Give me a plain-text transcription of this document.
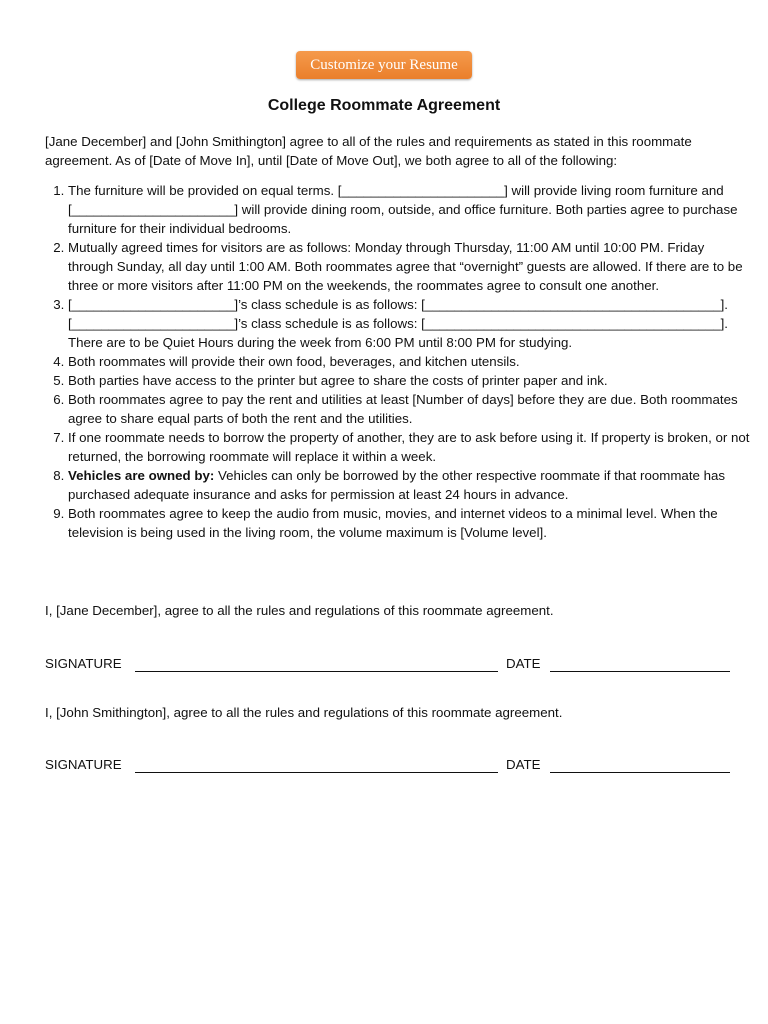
Customize your Resume
College Roommate Agreement

[Jane December] and [John Smithington] agree to all of the rules and requirements as stated in this roommate agreement. As of [Date of Move In], until [Date of Move Out], we both agree to all of the following:

1. The furniture will be provided on equal terms. [______________________] will provide living room furniture and [______________________] will provide dining room, outside, and office furniture. Both parties agree to purchase furniture for their individual bedrooms.
2. Mutually agreed times for visitors are as follows: Monday through Thursday, 11:00 AM until 10:00 PM. Friday through Sunday, all day until 1:00 AM. Both roommates agree that “overnight” guests are allowed. If there are to be three or more visitors after 11:00 PM on the weekends, the roommates agree to consult one another.
3. [______________________]’s class schedule is as follows: [________________________________________].
[______________________]’s class schedule is as follows: [________________________________________].
There are to be Quiet Hours during the week from 6:00 PM until 8:00 PM for studying.
4. Both roommates will provide their own food, beverages, and kitchen utensils.
5. Both parties have access to the printer but agree to share the costs of printer paper and ink.
6. Both roommates agree to pay the rent and utilities at least [Number of days] before they are due. Both roommates agree to share equal parts of both the rent and the utilities.
7. If one roommate needs to borrow the property of another, they are to ask before using it. If property is broken, or not returned, the borrowing roommate will replace it within a week.
8. Vehicles are owned by: Vehicles can only be borrowed by the other respective roommate if that roommate has purchased adequate insurance and asks for permission at least 24 hours in advance.
9. Both roommates agree to keep the audio from music, movies, and internet videos to a minimal level. When the television is being used in the living room, the volume maximum is [Volume level].

I, [Jane December], agree to all the rules and regulations of this roommate agreement.

SIGNATURE	DATE

I, [John Smithington], agree to all the rules and regulations of this roommate agreement.

SIGNATURE	DATE
